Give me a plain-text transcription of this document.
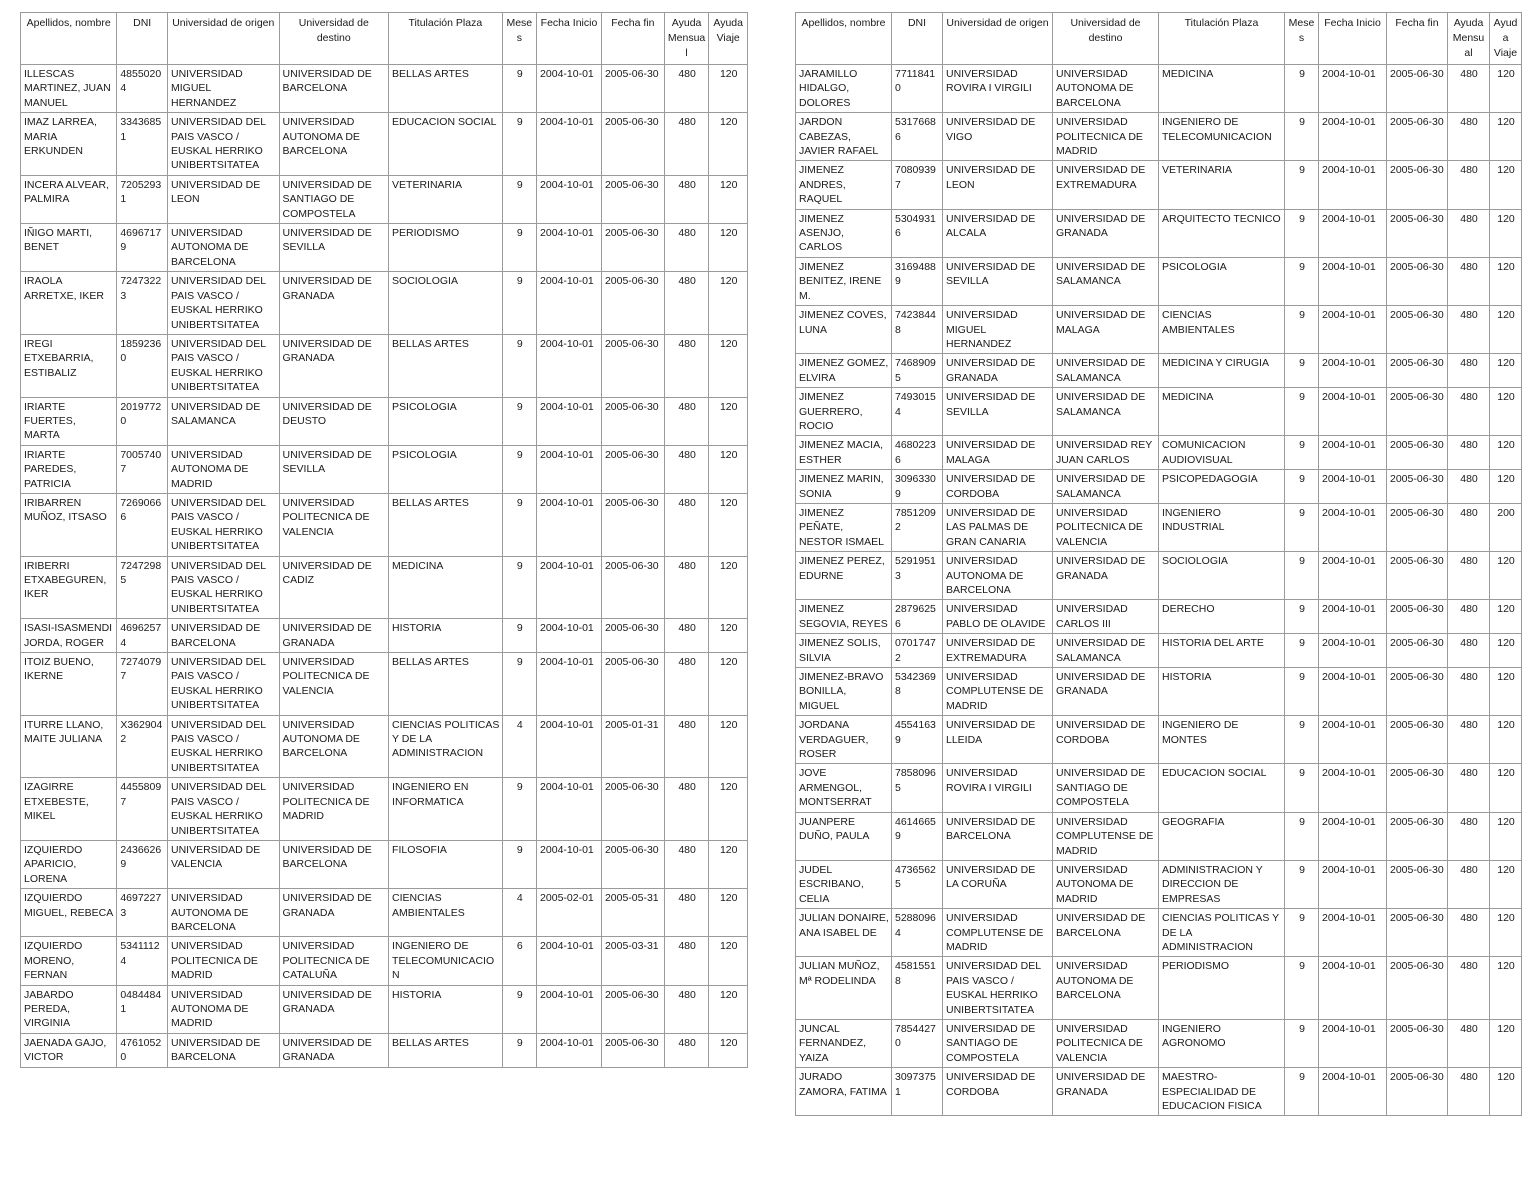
Apellidos, nombre	DNI	Universidad de origen	Universidad de destino	Titulación Plaza	Meses	Fecha Inicio	Fecha fin	Ayuda Mensual	Ayuda Viaje
ILLESCAS MARTINEZ, JUAN MANUEL	48550204	UNIVERSIDAD MIGUEL HERNANDEZ	UNIVERSIDAD DE BARCELONA	BELLAS ARTES	9	2004-10-01	2005-06-30	480	120
IMAZ LARREA, MARIA ERKUNDEN	33436851	UNIVERSIDAD DEL PAIS VASCO / EUSKAL HERRIKO UNIBERTSITATEA	UNIVERSIDAD AUTONOMA DE BARCELONA	EDUCACION SOCIAL	9	2004-10-01	2005-06-30	480	120
INCERA ALVEAR, PALMIRA	72052931	UNIVERSIDAD DE LEON	UNIVERSIDAD DE SANTIAGO DE COMPOSTELA	VETERINARIA	9	2004-10-01	2005-06-30	480	120
IÑIGO MARTI, BENET	46967179	UNIVERSIDAD AUTONOMA DE BARCELONA	UNIVERSIDAD DE SEVILLA	PERIODISMO	9	2004-10-01	2005-06-30	480	120
IRAOLA ARRETXE, IKER	72473223	UNIVERSIDAD DEL PAIS VASCO / EUSKAL HERRIKO UNIBERTSITATEA	UNIVERSIDAD DE GRANADA	SOCIOLOGIA	9	2004-10-01	2005-06-30	480	120
IREGI ETXEBARRIA, ESTIBALIZ	18592360	UNIVERSIDAD DEL PAIS VASCO / EUSKAL HERRIKO UNIBERTSITATEA	UNIVERSIDAD DE GRANADA	BELLAS ARTES	9	2004-10-01	2005-06-30	480	120
IRIARTE FUERTES, MARTA	20197720	UNIVERSIDAD DE SALAMANCA	UNIVERSIDAD DE DEUSTO	PSICOLOGIA	9	2004-10-01	2005-06-30	480	120
IRIARTE PAREDES, PATRICIA	70057407	UNIVERSIDAD AUTONOMA DE MADRID	UNIVERSIDAD DE SEVILLA	PSICOLOGIA	9	2004-10-01	2005-06-30	480	120
IRIBARREN MUÑOZ, ITSASO	72690666	UNIVERSIDAD DEL PAIS VASCO / EUSKAL HERRIKO UNIBERTSITATEA	UNIVERSIDAD POLITECNICA DE VALENCIA	BELLAS ARTES	9	2004-10-01	2005-06-30	480	120
IRIBERRI ETXABEGUREN, IKER	72472985	UNIVERSIDAD DEL PAIS VASCO / EUSKAL HERRIKO UNIBERTSITATEA	UNIVERSIDAD DE CADIZ	MEDICINA	9	2004-10-01	2005-06-30	480	120
ISASI-ISASMENDI JORDA, ROGER	46962574	UNIVERSIDAD DE BARCELONA	UNIVERSIDAD DE GRANADA	HISTORIA	9	2004-10-01	2005-06-30	480	120
ITOIZ BUENO, IKERNE	72740797	UNIVERSIDAD DEL PAIS VASCO / EUSKAL HERRIKO UNIBERTSITATEA	UNIVERSIDAD POLITECNICA DE VALENCIA	BELLAS ARTES	9	2004-10-01	2005-06-30	480	120
ITURRE LLANO, MAITE JULIANA	X3629042	UNIVERSIDAD DEL PAIS VASCO / EUSKAL HERRIKO UNIBERTSITATEA	UNIVERSIDAD AUTONOMA DE BARCELONA	CIENCIAS POLITICAS Y DE LA ADMINISTRACION	4	2004-10-01	2005-01-31	480	120
IZAGIRRE ETXEBESTE, MIKEL	44558097	UNIVERSIDAD DEL PAIS VASCO / EUSKAL HERRIKO UNIBERTSITATEA	UNIVERSIDAD POLITECNICA DE MADRID	INGENIERO EN INFORMATICA	9	2004-10-01	2005-06-30	480	120
IZQUIERDO APARICIO, LORENA	24366269	UNIVERSIDAD DE VALENCIA	UNIVERSIDAD DE BARCELONA	FILOSOFIA	9	2004-10-01	2005-06-30	480	120
IZQUIERDO MIGUEL, REBECA	46972273	UNIVERSIDAD AUTONOMA DE BARCELONA	UNIVERSIDAD DE GRANADA	CIENCIAS AMBIENTALES	4	2005-02-01	2005-05-31	480	120
IZQUIERDO MORENO, FERNAN	53411124	UNIVERSIDAD POLITECNICA DE MADRID	UNIVERSIDAD POLITECNICA DE CATALUÑA	INGENIERO DE TELECOMUNICACION	6	2004-10-01	2005-03-31	480	120
JABARDO PEREDA, VIRGINIA	04844841	UNIVERSIDAD AUTONOMA DE MADRID	UNIVERSIDAD DE GRANADA	HISTORIA	9	2004-10-01	2005-06-30	480	120
JAENADA GAJO, VICTOR	47610520	UNIVERSIDAD DE BARCELONA	UNIVERSIDAD DE GRANADA	BELLAS ARTES	9	2004-10-01	2005-06-30	480	120
Apellidos, nombre	DNI	Universidad de origen	Universidad de destino	Titulación Plaza	Meses	Fecha Inicio	Fecha fin	Ayuda Mensual	Ayuda Viaje
JARAMILLO HIDALGO, DOLORES	77118410	UNIVERSIDAD ROVIRA I VIRGILI	UNIVERSIDAD AUTONOMA DE BARCELONA	MEDICINA	9	2004-10-01	2005-06-30	480	120
JARDON CABEZAS, JAVIER RAFAEL	53176686	UNIVERSIDAD DE VIGO	UNIVERSIDAD POLITECNICA DE MADRID	INGENIERO DE TELECOMUNICACION	9	2004-10-01	2005-06-30	480	120
JIMENEZ ANDRES, RAQUEL	70809397	UNIVERSIDAD DE LEON	UNIVERSIDAD DE EXTREMADURA	VETERINARIA	9	2004-10-01	2005-06-30	480	120
JIMENEZ ASENJO, CARLOS	53049316	UNIVERSIDAD DE ALCALA	UNIVERSIDAD DE GRANADA	ARQUITECTO TECNICO	9	2004-10-01	2005-06-30	480	120
JIMENEZ BENITEZ, IRENE M.	31694889	UNIVERSIDAD DE SEVILLA	UNIVERSIDAD DE SALAMANCA	PSICOLOGIA	9	2004-10-01	2005-06-30	480	120
JIMENEZ COVES, LUNA	74238448	UNIVERSIDAD MIGUEL HERNANDEZ	UNIVERSIDAD DE MALAGA	CIENCIAS AMBIENTALES	9	2004-10-01	2005-06-30	480	120
JIMENEZ GOMEZ, ELVIRA	74689095	UNIVERSIDAD DE GRANADA	UNIVERSIDAD DE SALAMANCA	MEDICINA Y CIRUGIA	9	2004-10-01	2005-06-30	480	120
JIMENEZ GUERRERO, ROCIO	74930154	UNIVERSIDAD DE SEVILLA	UNIVERSIDAD DE SALAMANCA	MEDICINA	9	2004-10-01	2005-06-30	480	120
JIMENEZ MACIA, ESTHER	46802236	UNIVERSIDAD DE MALAGA	UNIVERSIDAD REY JUAN CARLOS	COMUNICACION AUDIOVISUAL	9	2004-10-01	2005-06-30	480	120
JIMENEZ MARIN, SONIA	30963309	UNIVERSIDAD DE CORDOBA	UNIVERSIDAD DE SALAMANCA	PSICOPEDAGOGIA	9	2004-10-01	2005-06-30	480	120
JIMENEZ PEÑATE, NESTOR ISMAEL	78512092	UNIVERSIDAD DE LAS PALMAS DE GRAN CANARIA	UNIVERSIDAD POLITECNICA DE VALENCIA	INGENIERO INDUSTRIAL	9	2004-10-01	2005-06-30	480	200
JIMENEZ PEREZ, EDURNE	52919513	UNIVERSIDAD AUTONOMA DE BARCELONA	UNIVERSIDAD DE GRANADA	SOCIOLOGIA	9	2004-10-01	2005-06-30	480	120
JIMENEZ SEGOVIA, REYES	28796256	UNIVERSIDAD PABLO DE OLAVIDE	UNIVERSIDAD CARLOS III	DERECHO	9	2004-10-01	2005-06-30	480	120
JIMENEZ SOLIS, SILVIA	07017472	UNIVERSIDAD DE EXTREMADURA	UNIVERSIDAD DE SALAMANCA	HISTORIA DEL ARTE	9	2004-10-01	2005-06-30	480	120
JIMENEZ-BRAVO BONILLA, MIGUEL	53423698	UNIVERSIDAD COMPLUTENSE DE MADRID	UNIVERSIDAD DE GRANADA	HISTORIA	9	2004-10-01	2005-06-30	480	120
JORDANA VERDAGUER, ROSER	45541639	UNIVERSIDAD DE LLEIDA	UNIVERSIDAD DE CORDOBA	INGENIERO DE MONTES	9	2004-10-01	2005-06-30	480	120
JOVE ARMENGOL, MONTSERRAT	78580965	UNIVERSIDAD ROVIRA I VIRGILI	UNIVERSIDAD DE SANTIAGO DE COMPOSTELA	EDUCACION SOCIAL	9	2004-10-01	2005-06-30	480	120
JUANPERE DUÑO, PAULA	46146659	UNIVERSIDAD DE BARCELONA	UNIVERSIDAD COMPLUTENSE DE MADRID	GEOGRAFIA	9	2004-10-01	2005-06-30	480	120
JUDEL ESCRIBANO, CELIA	47365625	UNIVERSIDAD DE LA CORUÑA	UNIVERSIDAD AUTONOMA DE MADRID	ADMINISTRACION Y DIRECCION DE EMPRESAS	9	2004-10-01	2005-06-30	480	120
JULIAN DONAIRE, ANA ISABEL DE	52880964	UNIVERSIDAD COMPLUTENSE DE MADRID	UNIVERSIDAD DE BARCELONA	CIENCIAS POLITICAS Y DE LA ADMINISTRACION	9	2004-10-01	2005-06-30	480	120
JULIAN MUÑOZ, Mª RODELINDA	45815518	UNIVERSIDAD DEL PAIS VASCO / EUSKAL HERRIKO UNIBERTSITATEA	UNIVERSIDAD AUTONOMA DE BARCELONA	PERIODISMO	9	2004-10-01	2005-06-30	480	120
JUNCAL FERNANDEZ, YAIZA	78544270	UNIVERSIDAD DE SANTIAGO DE COMPOSTELA	UNIVERSIDAD POLITECNICA DE VALENCIA	INGENIERO AGRONOMO	9	2004-10-01	2005-06-30	480	120
JURADO ZAMORA, FATIMA	30973751	UNIVERSIDAD DE CORDOBA	UNIVERSIDAD DE GRANADA	MAESTRO-ESPECIALIDAD DE EDUCACION FISICA	9	2004-10-01	2005-06-30	480	120
